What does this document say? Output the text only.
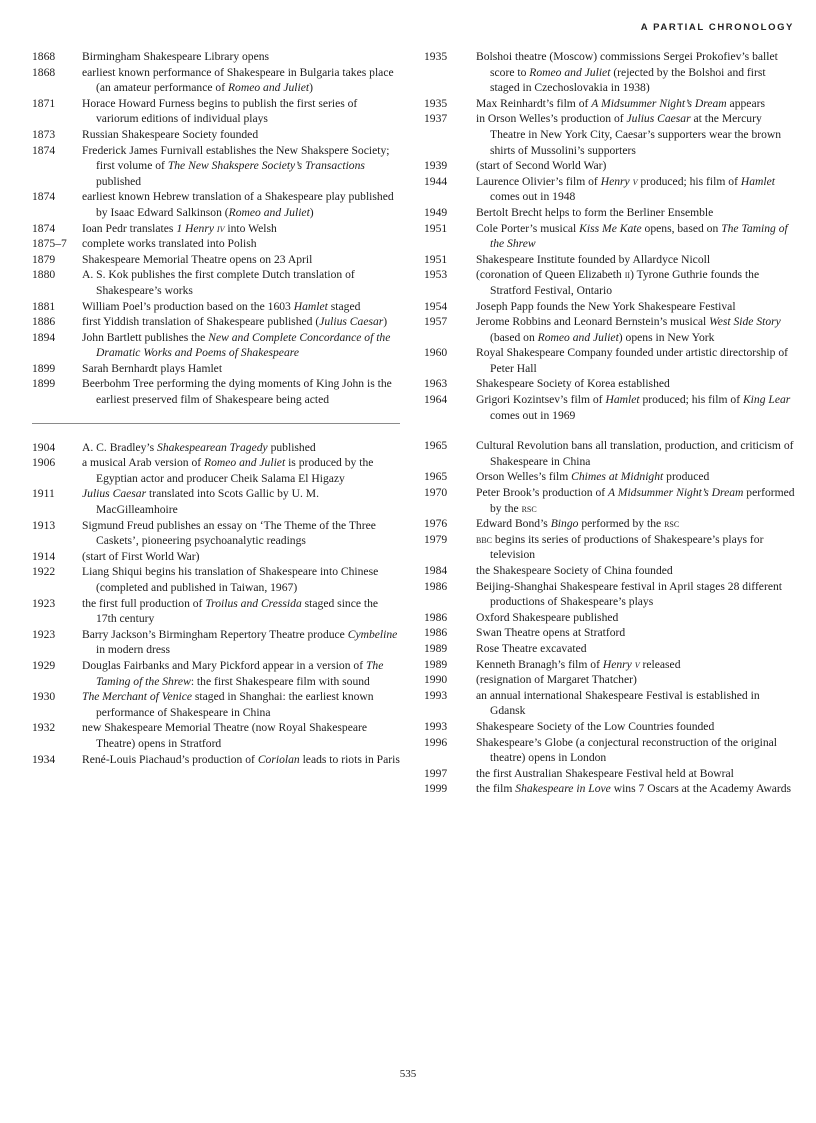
A PARTIAL CHRONOLOGY
1868	Birmingham Shakespeare Library opens
1868	earliest known performance of Shakespeare in Bulgaria takes place (an amateur performance of Romeo and Juliet)
1871	Horace Howard Furness begins to publish the first series of variorum editions of individual plays
1873	Russian Shakespeare Society founded
1874	Frederick James Furnivall establishes the New Shakspere Society; first volume of The New Shakspere Society’s Transactions published
1874	earliest known Hebrew translation of a Shakespeare play published by Isaac Edward Salkinson (Romeo and Juliet)
1874	Ioan Pedr translates 1 Henry iv into Welsh
1875–7	complete works translated into Polish
1879	Shakespeare Memorial Theatre opens on 23 April
1880	A. S. Kok publishes the first complete Dutch translation of Shakespeare’s works
1881	William Poel’s production based on the 1603 Hamlet staged
1886	first Yiddish translation of Shakespeare published (Julius Caesar)
1894	John Bartlett publishes the New and Complete Concordance of the Dramatic Works and Poems of Shakespeare
1899	Sarah Bernhardt plays Hamlet
1899	Beerbohm Tree performing the dying moments of King John is the earliest preserved film of Shakespeare being acted
1904	A. C. Bradley’s Shakespearean Tragedy published
1906	a musical Arab version of Romeo and Juliet is produced by the Egyptian actor and producer Cheik Salama El Higazy
1911	Julius Caesar translated into Scots Gallic by U. M. MacGilleamhoire
1913	Sigmund Freud publishes an essay on ‘The Theme of the Three Caskets’, pioneering psychoanalytic readings
1914	(start of First World War)
1922	Liang Shiqui begins his translation of Shakespeare into Chinese (completed and published in Taiwan, 1967)
1923	the first full production of Troilus and Cressida staged since the 17th century
1923	Barry Jackson’s Birmingham Repertory Theatre produce Cymbeline in modern dress
1929	Douglas Fairbanks and Mary Pickford appear in a version of The Taming of the Shrew: the first Shakespeare film with sound
1930	The Merchant of Venice staged in Shanghai: the earliest known performance of Shakespeare in China
1932	new Shakespeare Memorial Theatre (now Royal Shakespeare Theatre) opens in Stratford
1934	René-Louis Piachaud’s production of Coriolan leads to riots in Paris
1935	Bolshoi theatre (Moscow) commissions Sergei Prokofiev’s ballet score to Romeo and Juliet (rejected by the Bolshoi and first staged in Czechoslovakia in 1938)
1935	Max Reinhardt’s film of A Midsummer Night’s Dream appears
1937	in Orson Welles’s production of Julius Caesar at the Mercury Theatre in New York City, Caesar’s supporters wear the brown shirts of Mussolini’s supporters
1939	(start of Second World War)
1944	Laurence Olivier’s film of Henry v produced; his film of Hamlet comes out in 1948
1949	Bertolt Brecht helps to form the Berliner Ensemble
1951	Cole Porter’s musical Kiss Me Kate opens, based on The Taming of the Shrew
1951	Shakespeare Institute founded by Allardyce Nicoll
1953	(coronation of Queen Elizabeth ii) Tyrone Guthrie founds the Stratford Festival, Ontario
1954	Joseph Papp founds the New York Shakespeare Festival
1957	Jerome Robbins and Leonard Bernstein’s musical West Side Story (based on Romeo and Juliet) opens in New York
1960	Royal Shakespeare Company founded under artistic directorship of Peter Hall
1963	Shakespeare Society of Korea established
1964	Grigori Kozintsev’s film of Hamlet produced; his film of King Lear comes out in 1969
1965	Cultural Revolution bans all translation, production, and criticism of Shakespeare in China
1965	Orson Welles’s film Chimes at Midnight produced
1970	Peter Brook’s production of A Midsummer Night’s Dream performed by the rsc
1976	Edward Bond’s Bingo performed by the rsc
1979	bbc begins its series of productions of Shakespeare’s plays for television
1984	the Shakespeare Society of China founded
1986	Beijing-Shanghai Shakespeare festival in April stages 28 different productions of Shakespeare’s plays
1986	Oxford Shakespeare published
1986	Swan Theatre opens at Stratford
1989	Rose Theatre excavated
1989	Kenneth Branagh’s film of Henry v released
1990	(resignation of Margaret Thatcher)
1993	an annual international Shakespeare Festival is established in Gdansk
1993	Shakespeare Society of the Low Countries founded
1996	Shakespeare’s Globe (a conjectural reconstruction of the original theatre) opens in London
1997	the first Australian Shakespeare Festival held at Bowral
1999	the film Shakespeare in Love wins 7 Oscars at the Academy Awards
535
